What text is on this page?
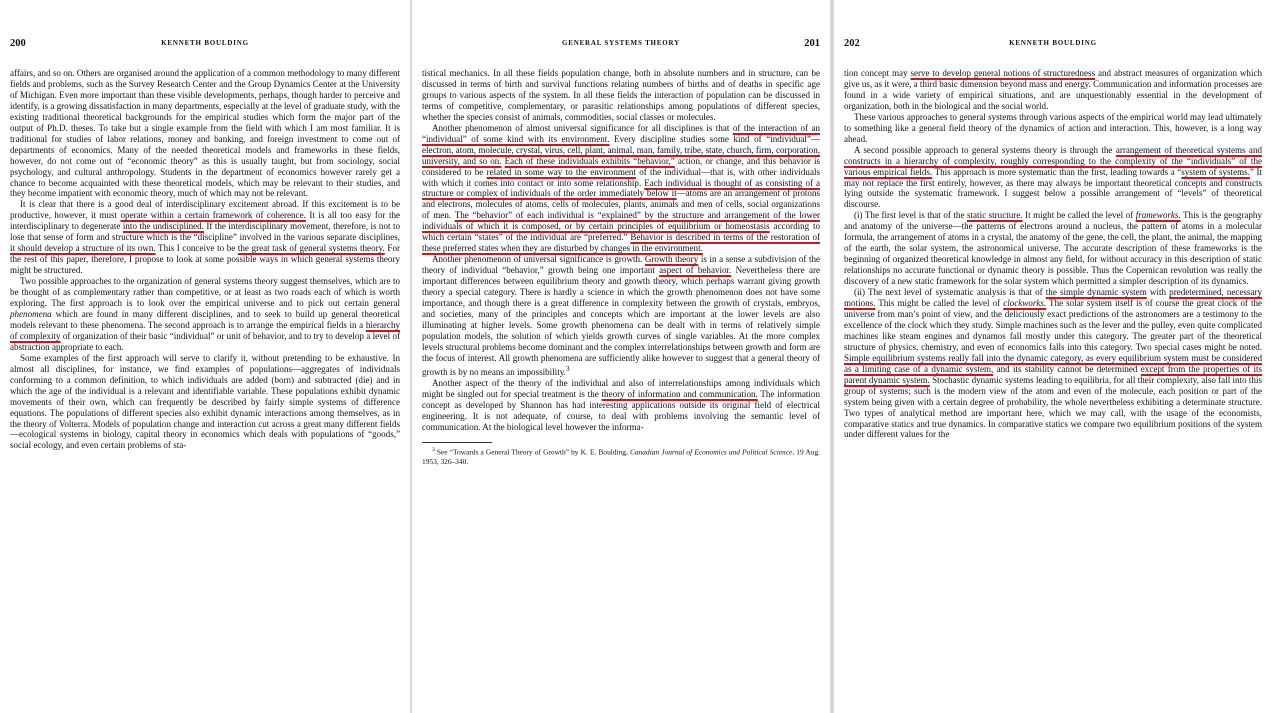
200	KENNETH BOULDING

affairs, and so on. Others are organised around the application of a common methodology to many different fields and problems, such as the Survey Research Center and the Group Dynamics Center at the University of Michigan. Even more important than these visible developments, perhaps, though harder to perceive and identify, is a growing dissatisfaction in many departments, especially at the level of graduate study, with the existing traditional theoretical backgrounds for the empirical studies which form the major part of the output of Ph.D. theses. To take but a single example from the field with which I am most familiar. It is traditional for studies of labor relations, money and banking, and foreign investment to come out of departments of economics. Many of the needed theoretical models and frameworks in these fields, however, do not come out of “economic theory” as this is usually taught, but from sociology, social psychology, and cultural anthropology. Students in the department of economics however rarely get a chance to become acquainted with these theoretical models, which may be relevant to their studies, and they become impatient with economic theory, much of which may not be relevant.

It is clear that there is a good deal of interdisciplinary excitement abroad. If this excitement is to be productive, however, it must operate within a certain framework of coherence. It is all too easy for the interdisciplinary to degenerate into the undisciplined. If the interdisciplinary movement, therefore, is not to lose that sense of form and structure which is the “discipline” involved in the various separate disciplines, it should develop a structure of its own. This I conceive to be the great task of general systems theory. For the rest of this paper, therefore, I propose to look at some possible ways in which general systems theory might be structured.

Two possible approaches to the organization of general systems theory suggest themselves, which are to be thought of as complementary rather than competitive, or at least as two roads each of which is worth exploring. The first approach is to look over the empirical universe and to pick out certain general phenomena which are found in many different disciplines, and to seek to build up general theoretical models relevant to these phenomena. The second approach is to arrange the empirical fields in a hierarchy of complexity of organization of their basic “individual” or unit of behavior, and to try to develop a level of abstraction appropriate to each.

Some examples of the first approach will serve to clarify it, without pretending to be exhaustive. In almost all disciplines, for instance, we find examples of populations—aggregates of individuals conforming to a common definition, to which individuals are added (born) and subtracted (die) and in which the age of the individual is a relevant and identifiable variable. These populations exhibit dynamic movements of their own, which can frequently be described by fairly simple systems of difference equations. The populations of different species also exhibit dynamic interactions among themselves, as in the theory of Volterra. Models of population change and interaction cut across a great many different fields—ecological systems in biology, capital theory in economics which deals with populations of “goods,” social ecology, and even certain problems of sta-

GENERAL SYSTEMS THEORY	201

tistical mechanics. In all these fields population change, both in absolute numbers and in structure, can be discussed in terms of birth and survival functions relating numbers of births and of deaths in specific age groups to various aspects of the system. In all these fields the interaction of population can be discussed in terms of competitive, complementary, or parasitic relationships among populations of different species, whether the species consist of animals, commodities, social classes or molecules.

Another phenomenon of almost universal significance for all disciplines is that of the interaction of an “individual” of some kind with its environment. Every discipline studies some kind of “individual”—electron, atom, molecule, crystal, virus, cell, plant, animal, man, family, tribe, state, church, firm, corporation, university, and so on. Each of these individuals exhibits “behavior,” action, or change, and this behavior is considered to be related in some way to the environment of the individual—that is, with other individuals with which it comes into contact or into some relationship. Each individual is thought of as consisting of a structure or complex of individuals of the order immediately below it—atoms are an arrangement of protons and electrons, molecules of atoms, cells of molecules, plants, animals and men of cells, social organizations of men. The “behavior” of each individual is “explained” by the structure and arrangement of the lower individuals of which it is composed, or by certain principles of equilibrium or homeostasis according to which certain “states” of the individual are “preferred.” Behavior is described in terms of the restoration of these preferred states when they are disturbed by changes in the environment.

Another phenomenon of universal significance is growth. Growth theory is in a sense a subdivision of the theory of individual “behavior,” growth being one important aspect of behavior. Nevertheless there are important differences between equilibrium theory and growth theory, which perhaps warrant giving growth theory a special category. There is hardly a science in which the growth phenomenon does not have some importance, and though there is a great difference in complexity between the growth of crystals, embryos, and societies, many of the principles and concepts which are important at the lower levels are also illuminating at higher levels. Some growth phenomena can be dealt with in terms of relatively simple population models, the solution of which yields growth curves of single variables. At the more complex levels structural problems become dominant and the complex interrelationships between growth and form are the focus of interest. All growth phenomena are sufficiently alike however to suggest that a general theory of growth is by no means an impossibility.$^3$

Another aspect of the theory of the individual and also of interrelationships among individuals which might be singled out for special treatment is the theory of information and communication. The information concept as developed by Shannon has had interesting applications outside its original field of electrical engineering. It is not adequate, of course, to deal with problems involving the semantic level of communication. At the biological level however the informa-

$^3$ See “Towards a General Theory of Growth” by K. E. Boulding, Canadian Journal of Economics and Political Science, 19 Aug. 1953, 326–340.

202	KENNETH BOULDING

tion concept may serve to develop general notions of structuredness and abstract measures of organization which give us, as it were, a third basic dimension beyond mass and energy. Communication and information processes are found in a wide variety of empirical situations, and are unquestionably essential in the development of organization, both in the biological and the social world.

These various approaches to general systems through various aspects of the empirical world may lead ultimately to something like a general field theory of the dynamics of action and interaction. This, however, is a long way ahead.

A second possible approach to general systems theory is through the arrangement of theoretical systems and constructs in a hierarchy of complexity, roughly corresponding to the complexity of the “individuals” of the various empirical fields. This approach is more systematic than the first, leading towards a “system of systems.” It may not replace the first entirely, however, as there may always be important theoretical concepts and constructs lying outside the systematic framework. I suggest below a possible arrangement of “levels” of theoretical discourse.

(i) The first level is that of the static structure. It might be called the level of frameworks. This is the geography and anatomy of the universe—the patterns of electrons around a nucleus, the pattern of atoms in a molecular formula, the arrangement of atoms in a crystal, the anatomy of the gene, the cell, the plant, the animal, the mapping of the earth, the solar system, the astronomical universe. The accurate description of these frameworks is the beginning of organized theoretical knowledge in almost any field, for without accuracy in this description of static relationships no accurate functional or dynamic theory is possible. Thus the Copernican revolution was really the discovery of a new static framework for the solar system which permitted a simpler description of its dynamics.

(ii) The next level of systematic analysis is that of the simple dynamic system with predetermined, necessary motions. This might be called the level of clockworks. The solar system itself is of course the great clock of the universe from man’s point of view, and the deliciously exact predictions of the astronomers are a testimony to the excellence of the clock which they study. Simple machines such as the lever and the pulley, even quite complicated machines like steam engines and dynamos fall mostly under this category. The greater part of the theoretical structure of physics, chemistry, and even of economics falls into this category. Two special cases might be noted. Simple equilibrium systems really fall into the dynamic category, as every equilibrium system must be considered as a limiting case of a dynamic system, and its stability cannot be determined except from the properties of its parent dynamic system. Stochastic dynamic systems leading to equilibria, for all their complexity, also fall into this group of systems; such is the modern view of the atom and even of the molecule, each position or part of the system being given with a certain degree of probability, the whole nevertheless exhibiting a determinate structure. Two types of analytical method are important here, which we may call, with the usage of the economists, comparative statics and true dynamics. In comparative statics we compare two equilibrium positions of the system under different values for the
